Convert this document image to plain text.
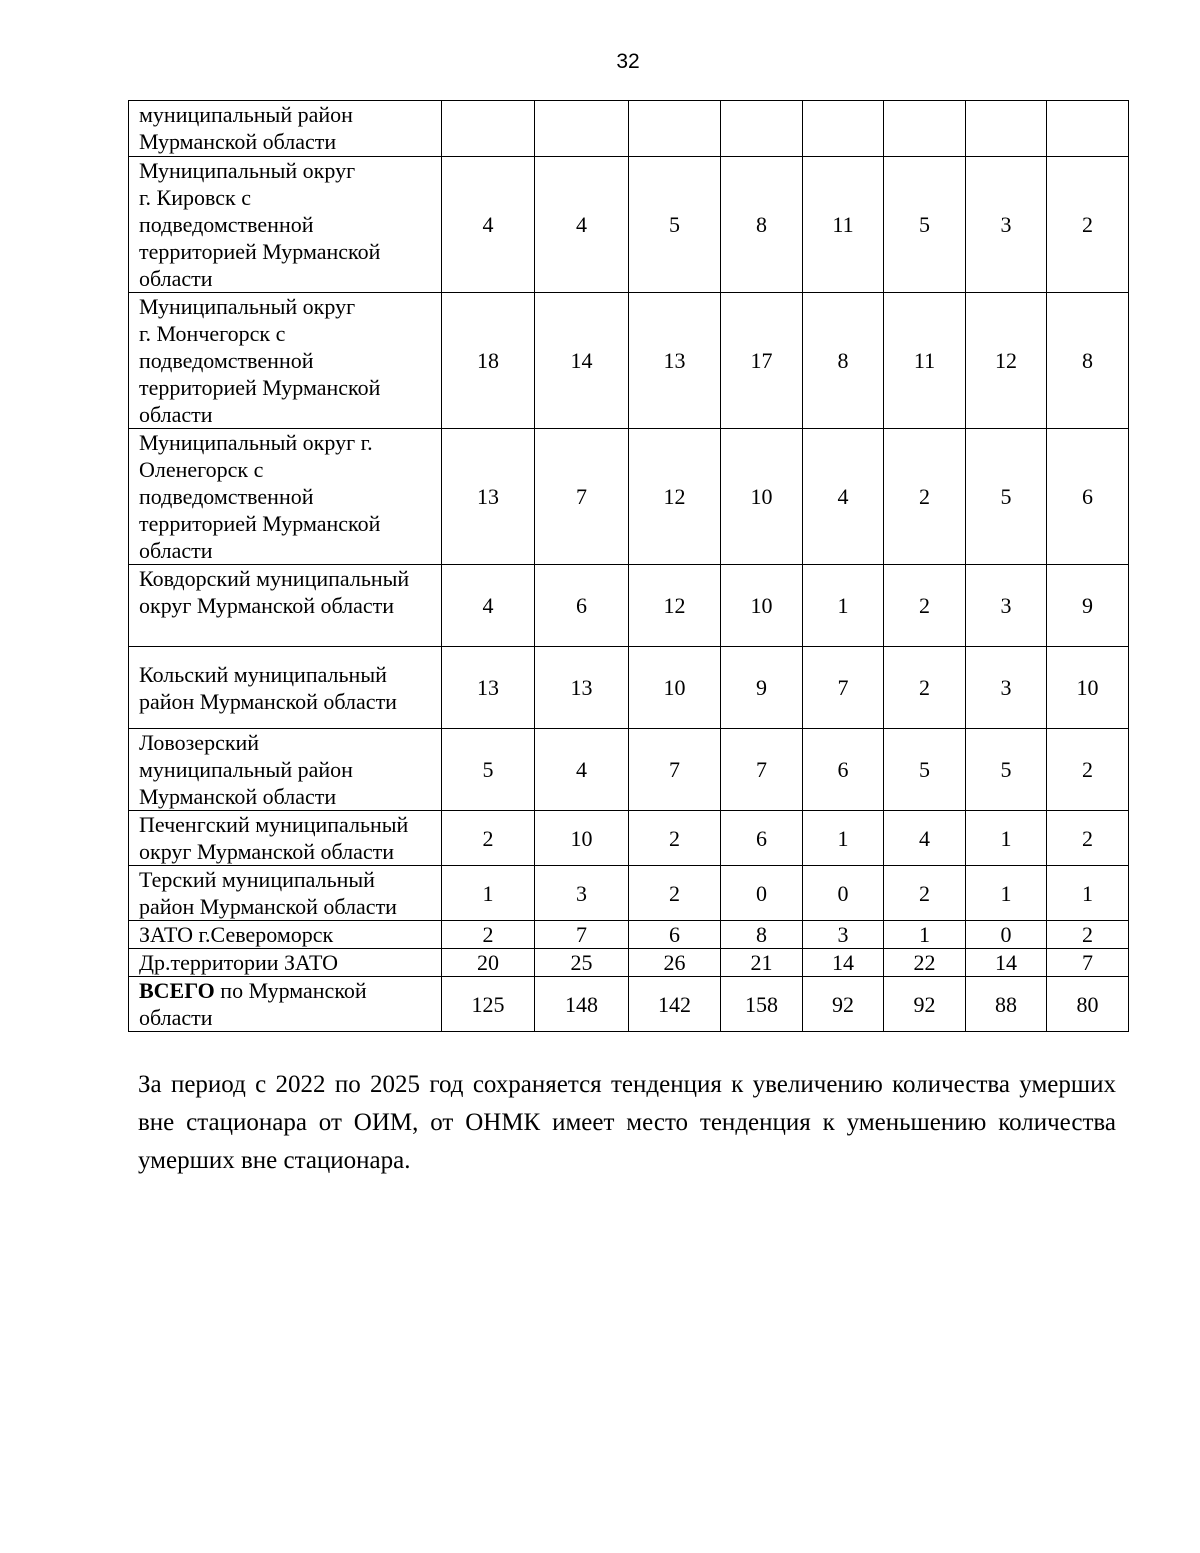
32
муниципальный район
Мурманской области								
Муниципальный округ
г. Кировск с
подведомственной
территорией Мурманской
области	4	4	5	8	11	5	3	2
Муниципальный округ
г. Мончегорск с
подведомственной
территорией Мурманской
области	18	14	13	17	8	11	12	8
Муниципальный округ г.
Оленегорск с
подведомственной
территорией Мурманской
области	13	7	12	10	4	2	5	6
Ковдорский муниципальный
округ Мурманской области	4	6	12	10	1	2	3	9
Кольский муниципальный
район Мурманской области	13	13	10	9	7	2	3	10
Ловозерский
муниципальный район
Мурманской области	5	4	7	7	6	5	5	2
Печенгский муниципальный
округ Мурманской области	2	10	2	6	1	4	1	2
Терский муниципальный
район Мурманской области	1	3	2	0	0	2	1	1
ЗАТО г.Североморск	2	7	6	8	3	1	0	2
Др.территории ЗАТО	20	25	26	21	14	22	14	7
ВСЕГО по Мурманской
области	125	148	142	158	92	92	88	80

За период с 2022 по 2025 год сохраняется тенденция к увеличению количества умерших вне стационара от ОИМ, от ОНМК имеет место тенденция к уменьшению количества умерших вне стационара.
